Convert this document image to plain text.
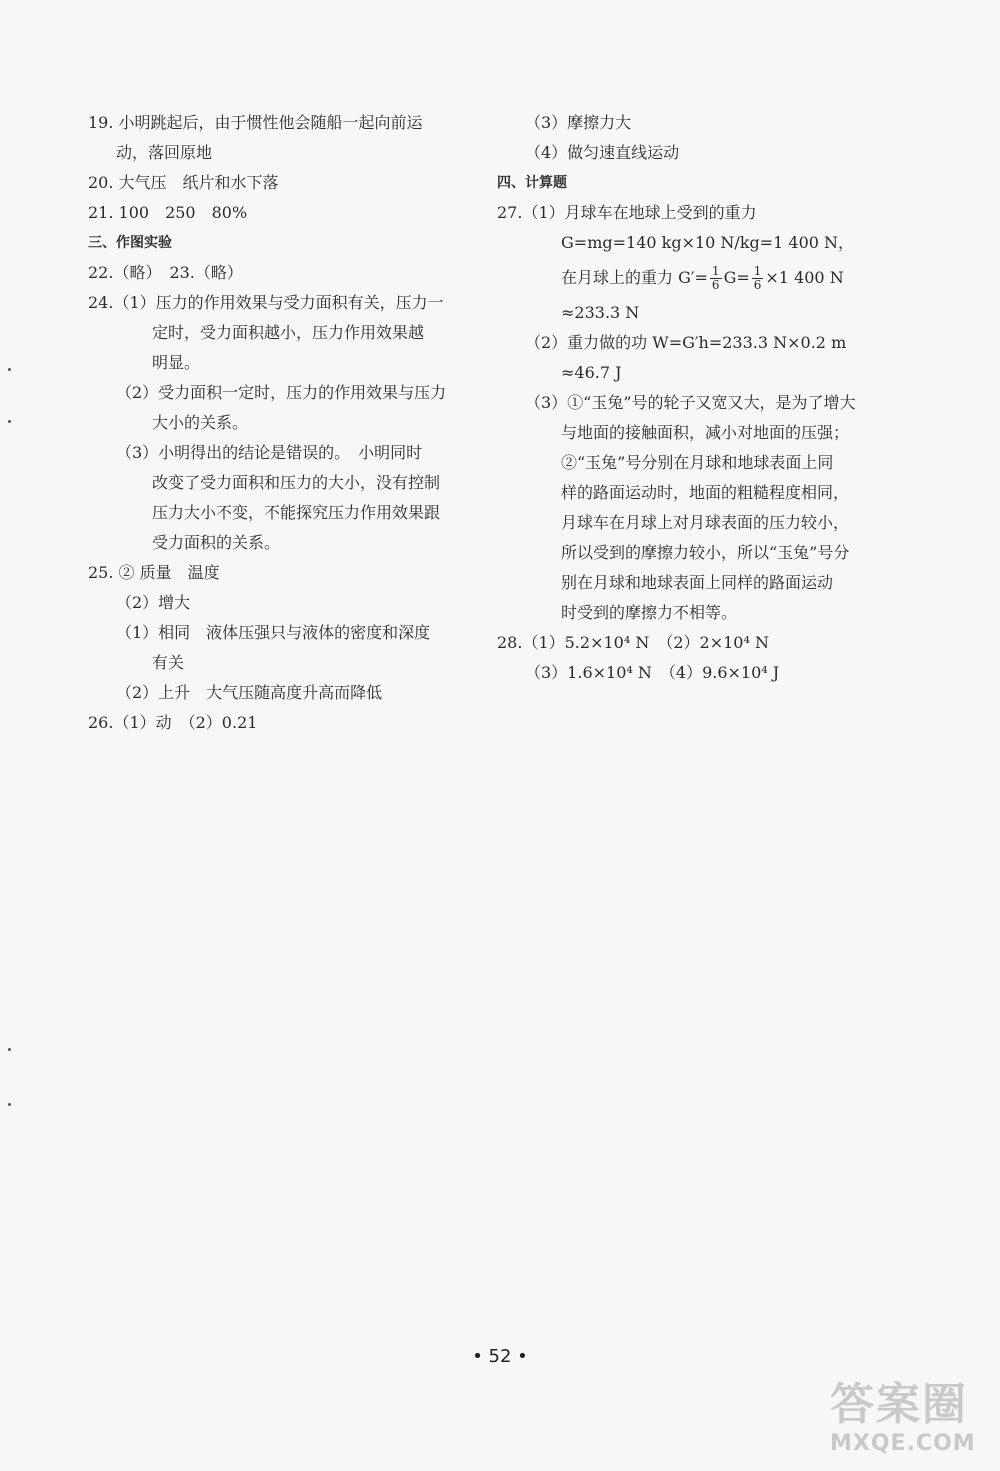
19. 小明跳起后，由于惯性他会随船一起向前运
动，落回原地
20. 大气压　纸片和水下落
21. 100　250　80%
三、作图实验
22.（略）　23.（略）
24.（1）压力的作用效果与受力面积有关，压力一
定时，受力面积越小，压力作用效果越
明显。
（2）受力面积一定时，压力的作用效果与压力
大小的关系。
（3）小明得出的结论是错误的。　小明同时
改变了受力面积和压力的大小，没有控制
压力大小不变，不能探究压力作用效果跟
受力面积的关系。
25. ② 质量　温度
（2）增大
（1）相同　液体压强只与液体的密度和深度
有关
（2）上升　大气压随高度升高而降低
26.（1）动　（2）0.21
（3）摩擦力大
（4）做匀速直线运动
四、计算题
27.（1）月球车在地球上受到的重力
G=mg=140 kg×10 N/kg=1 400 N，
在月球上的重力 $G'= \frac{1}{6} G= \frac{1}{6} \times 1$ 400 N
≈233.3 N
（2）重力做的功 W=G′h=233.3 N×0.2 m
≈46.7 J
（3）①“玉兔”号的轮子又宽又大，是为了增大
与地面的接触面积，减小对地面的压强；
②“玉兔”号分别在月球和地球表面上同
样的路面运动时，地面的粗糙程度相同，
月球车在月球上对月球表面的压力较小，
所以受到的摩擦力较小，所以“玉兔”号分
别在月球和地球表面上同样的路面运动
时受到的摩擦力不相等。
28.（1）5.2×10⁴ N　（2）2×10⁴ N
（3）1.6×10⁴ N　（4）9.6×10⁴ J
• 52 •
答案圈
MXQE.COM
